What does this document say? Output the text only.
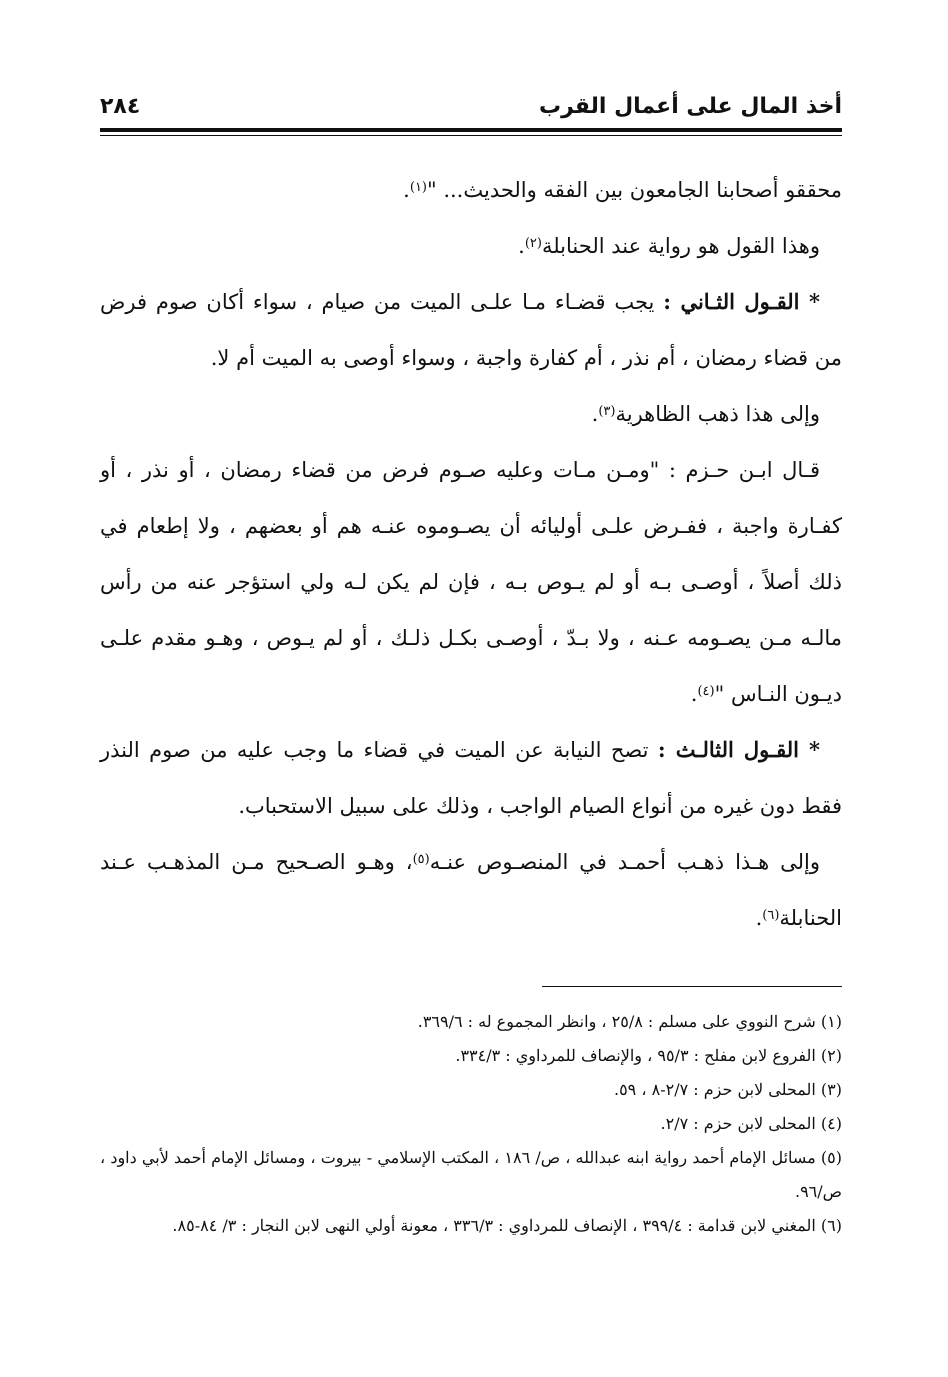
أخذ المال على أعمال القرب
٢٨٤

محققو أصحابنا الجامعون بين الفقه والحديث... "$^{(١)}$.

وهذا القول هو رواية عند الحنابلة$^{(٢)}$.

* القـول الثـاني : يجب قضـاء مـا علـى الميت من صيام ، سواء أكان صوم فرض من قضاء رمضان ، أم نذر ، أم كفارة واجبة ، وسواء أوصى به الميت أم لا.

وإلى هذا ذهب الظاهرية$^{(٣)}$.

قـال ابـن حـزم : "ومـن مـات وعليه صـوم فرض من قضاء رمضان ، أو نذر ، أو كفـارة واجبة ، ففـرض علـى أوليائه أن يصـوموه عنـه هم أو بعضهم ، ولا إطعام في ذلك أصلاً ، أوصـى بـه أو لم يـوص بـه ، فإن لم يكن لـه ولي استؤجر عنه من رأس مالـه مـن يصـومه عـنه ، ولا بـدّ ، أوصـى بكـل ذلـك ، أو لم يـوص ، وهـو مقدم علـى ديـون النـاس "$^{(٤)}$.

* القـول الثالـث : تصح النيابة عن الميت في قضاء ما وجب عليه من صوم النذر فقط دون غيره من أنواع الصيام الواجب ، وذلك على سبيل الاستحباب.

وإلى هـذا ذهـب أحمـد في المنصـوص عنـه$^{(٥)}$، وهـو الصـحيح مـن المذهـب عـند الحنابلة$^{(٦)}$.

(١) شرح النووي على مسلم : ٢٥/٨ ، وانظر المجموع له : ٣٦٩/٦.

(٢) الفروع لابن مفلح : ٩٥/٣ ، والإنصاف للمرداوي : ٣٣٤/٣.

(٣) المحلى لابن حزم : ٢/٧-٨ ، ٥٩.

(٤) المحلى لابن حزم : ٢/٧.

(٥) مسائل الإمام أحمد رواية ابنه عبدالله ، ص/ ١٨٦ ، المكتب الإسلامي - بيروت ، ومسائل الإمام أحمد لأبي داود ، ص/٩٦.

(٦) المغني لابن قدامة : ٣٩٩/٤ ، الإنصاف للمرداوي : ٣٣٦/٣ ، معونة أولي النهى لابن النجار : ٣/ ٨٤-٨٥.
